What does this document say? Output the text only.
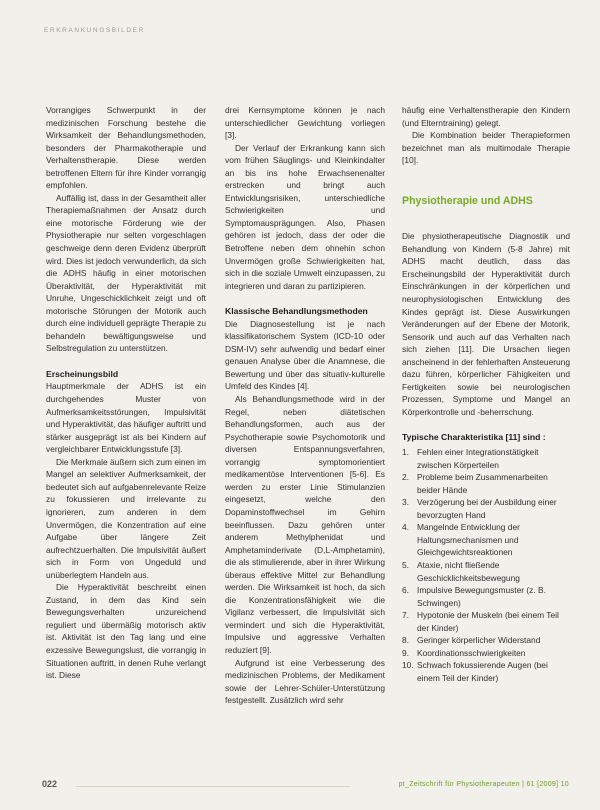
ERKRANKUNGSBILDER

Vorrangiges Schwerpunkt in der medizinischen Forschung bestehe die Wirksamkeit der Behandlungsmethoden, besonders der Pharmakotherapie und Verhaltenstherapie. Diese werden betroffenen Eltern für ihre Kinder vorrangig empfohlen.

Auffällig ist, dass in der Gesamtheit aller Therapiemaßnahmen der Ansatz durch eine motorische Förderung wie der Physiotherapie nur selten vorgeschlagen geschweige denn deren Evidenz überprüft wird. Dies ist jedoch verwunderlich, da sich die ADHS häufig in einer motorischen Überaktivität, der Hyperaktivität mit Unruhe, Ungeschicklichkeit zeigt und oft motorische Störungen der Motorik auch durch eine individuell geprägte Therapie zu behandeln bewältigungsweise und Selbstregulation zu unterstützen.

Erscheinungsbild

Hauptmerkmale der ADHS ist ein durchgehendes Muster von Aufmerksamkeitsstörungen, Impulsivität und Hyperaktivität, das häufiger auftritt und stärker ausgeprägt ist als bei Kindern auf vergleichbarer Entwicklungsstufe [3].

Die Merkmale äußern sich zum einen im Mangel an selektiver Aufmerksamkeit, der bedeutet sich auf aufgabenrelevante Reize zu fokussieren und irrelevante zu ignorieren, zum anderen in dem Unvermögen, die Konzentration auf eine Aufgabe über längere Zeit aufrechtzuerhalten. Die Impulsivität äußert sich in Form von Ungeduld und unüberlegtem Handeln aus.

Die Hyperaktivität beschreibt einen Zustand, in dem das Kind sein Bewegungsverhalten unzureichend reguliert und übermäßig motorisch aktiv ist. Aktivität ist den Tag lang und eine exzessive Bewegungslust, die vorrangig in Situationen auftritt, in denen Ruhe verlangt ist. Diese

drei Kernsymptome können je nach unterschiedlicher Gewichtung vorliegen [3].

Der Verlauf der Erkrankung kann sich vom frühen Säuglings- und Kleinkindalter an bis ins hohe Erwachsenenalter erstrecken und bringt auch Entwicklungsrisiken, unterschiedliche Schwierigkeiten und Symptomausprägungen. Also, Phasen gehören ist jedoch, dass der oder die Betroffene neben dem ohnehin schon Unvermögen große Schwierigkeiten hat, sich in die soziale Umwelt einzupassen, zu integrieren und daran zu partizipieren.

Klassische Behandlungsmethoden

Die Diagnosestellung ist je nach klassifikatorischem System (ICD-10 oder DSM-IV) sehr aufwendig und bedarf einer genauen Analyse über die Anamnese, die Bewertung und über das situativ-kulturelle Umfeld des Kindes [4].

Als Behandlungsmethode wird in der Regel, neben diätetischen Behandlungsformen, auch aus der Psychotherapie sowie Psychomotorik und diversen Entspannungsverfahren, vorrangig symptomorientiert medikamentöse Interventionen [5-6]. Es werden zu erster Linie Stimulanzien eingesetzt, welche den Dopaminstoffwechsel im Gehirn beeinflussen. Dazu gehören unter anderem Methylphenidat und Amphetaminderivate (D,L-Amphetamin), die als stimulierende, aber in ihrer Wirkung überaus effektive Mittel zur Behandlung werden. Die Wirksamkeit ist hoch, da sich die Konzentrationsfähigkeit wie die Vigilanz verbessert, die Impulsivität sich vermindert und sich die Hyperaktivität, Impulsive und aggressive Verhalten reduziert [9].

Aufgrund ist eine Verbesserung des medizinischen Problems, der Medikament sowie der Lehrer-Schüler-Unterstützung festgestellt. Zusätzlich wird sehr

häufig eine Verhaltenstherapie den Kindern (und Elterntraining) gelegt.

Die Kombination beider Therapieformen bezeichnet man als multimodale Therapie [10].

Physiotherapie und ADHS

Die physiotherapeutische Diagnostik und Behandlung von Kindern (5-8 Jahre) mit ADHS macht deutlich, dass das Erscheinungsbild der Hyperaktivität durch Einschränkungen in der körperlichen und neurophysiologischen Entwicklung des Kindes geprägt ist. Diese Auswirkungen Veränderungen auf der Ebene der Motorik, Sensorik und auch auf das Verhalten nach sich ziehen [11]. Die Ursachen liegen anscheinend in der fehlerhaften Ansteuerung dazu führen, körperlicher Fähigkeiten und Fertigkeiten sowie bei neurologischen Prozessen, Symptome und Mangel an Körperkontrolle und -beherrschung.

Typische Charakteristika [11] sind :
1. Fehlen einer Integrationstätigkeit zwischen Körperteilen
2. Probleme beim Zusammenarbeiten beider Hände
3. Verzögerung bei der Ausbildung einer bevorzugten Hand
4. Mangelnde Entwicklung der Haltungsmechanismen und Gleichgewichtsreaktionen
5. Ataxie, nicht fließende Geschicklichkeitsbewegung
6. Impulsive Bewegungsmuster (z. B. Schwingen)
7. Hypotonie der Muskeln (bei einem Teil der Kinder)
8. Geringer körperlicher Widerstand
9. Koordinationsschwierigkeiten
10. Schwach fokussierende Augen (bei einem Teil der Kinder)
022	pt_Zeitschrift für Physiotherapeuten | 61 [2009] 10
